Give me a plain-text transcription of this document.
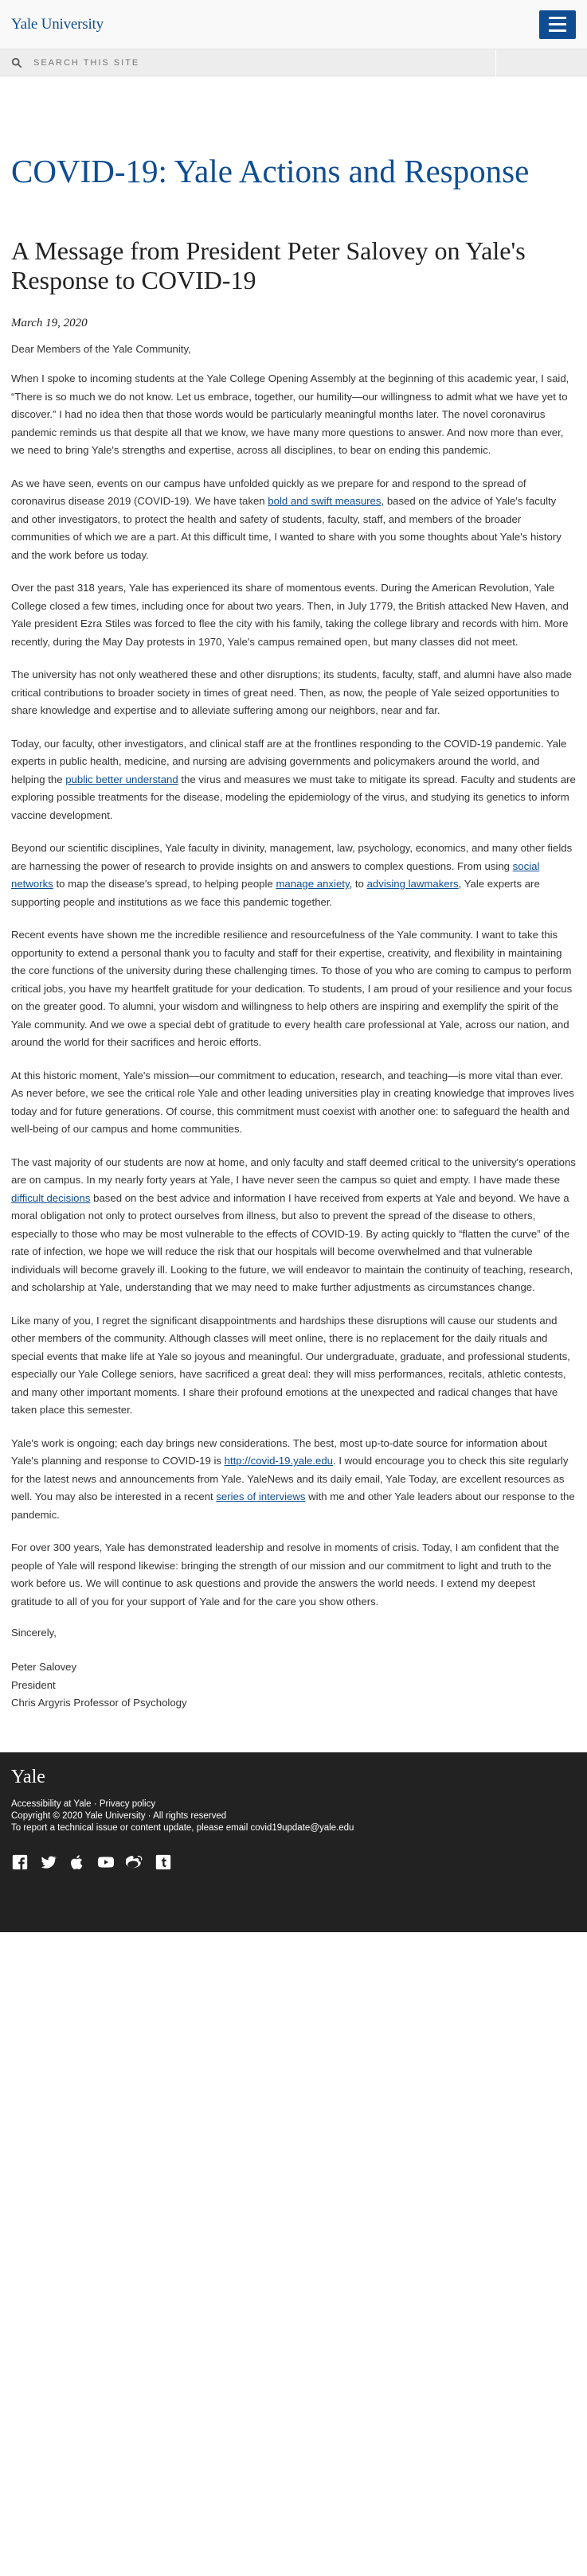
Yale University
SEARCH THIS SITE
COVID-19: Yale Actions and Response
A Message from President Peter Salovey on Yale's Response to COVID-19

March 19, 2020

Dear Members of the Yale Community,

When I spoke to incoming students at the Yale College Opening Assembly at the beginning of this academic year, I said, “There is so much we do not know. Let us embrace, together, our humility—our willingness to admit what we have yet to discover.” I had no idea then that those words would be particularly meaningful months later. The novel coronavirus pandemic reminds us that despite all that we know, we have many more questions to answer. And now more than ever, we need to bring Yale's strengths and expertise, across all disciplines, to bear on ending this pandemic.

As we have seen, events on our campus have unfolded quickly as we prepare for and respond to the spread of coronavirus disease 2019 (COVID-19). We have taken bold and swift measures, based on the advice of Yale's faculty and other investigators, to protect the health and safety of students, faculty, staff, and members of the broader communities of which we are a part. At this difficult time, I wanted to share with you some thoughts about Yale's history and the work before us today.

Over the past 318 years, Yale has experienced its share of momentous events. During the American Revolution, Yale College closed a few times, including once for about two years. Then, in July 1779, the British attacked New Haven, and Yale president Ezra Stiles was forced to flee the city with his family, taking the college library and records with him. More recently, during the May Day protests in 1970, Yale's campus remained open, but many classes did not meet.

The university has not only weathered these and other disruptions; its students, faculty, staff, and alumni have also made critical contributions to broader society in times of great need. Then, as now, the people of Yale seized opportunities to share knowledge and expertise and to alleviate suffering among our neighbors, near and far.

Today, our faculty, other investigators, and clinical staff are at the frontlines responding to the COVID-19 pandemic. Yale experts in public health, medicine, and nursing are advising governments and policymakers around the world, and helping the public better understand the virus and measures we must take to mitigate its spread. Faculty and students are exploring possible treatments for the disease, modeling the epidemiology of the virus, and studying its genetics to inform vaccine development.

Beyond our scientific disciplines, Yale faculty in divinity, management, law, psychology, economics, and many other fields are harnessing the power of research to provide insights on and answers to complex questions. From using social networks to map the disease's spread, to helping people manage anxiety, to advising lawmakers, Yale experts are supporting people and institutions as we face this pandemic together.

Recent events have shown me the incredible resilience and resourcefulness of the Yale community. I want to take this opportunity to extend a personal thank you to faculty and staff for their expertise, creativity, and flexibility in maintaining the core functions of the university during these challenging times. To those of you who are coming to campus to perform critical jobs, you have my heartfelt gratitude for your dedication. To students, I am proud of your resilience and your focus on the greater good. To alumni, your wisdom and willingness to help others are inspiring and exemplify the spirit of the Yale community. And we owe a special debt of gratitude to every health care professional at Yale, across our nation, and around the world for their sacrifices and heroic efforts.

At this historic moment, Yale's mission—our commitment to education, research, and teaching—is more vital than ever. As never before, we see the critical role Yale and other leading universities play in creating knowledge that improves lives today and for future generations. Of course, this commitment must coexist with another one: to safeguard the health and well-being of our campus and home communities.

The vast majority of our students are now at home, and only faculty and staff deemed critical to the university's operations are on campus. In my nearly forty years at Yale, I have never seen the campus so quiet and empty. I have made these difficult decisions based on the best advice and information I have received from experts at Yale and beyond. We have a moral obligation not only to protect ourselves from illness, but also to prevent the spread of the disease to others, especially to those who may be most vulnerable to the effects of COVID-19. By acting quickly to “flatten the curve” of the rate of infection, we hope we will reduce the risk that our hospitals will become overwhelmed and that vulnerable individuals will become gravely ill. Looking to the future, we will endeavor to maintain the continuity of teaching, research, and scholarship at Yale, understanding that we may need to make further adjustments as circumstances change.

Like many of you, I regret the significant disappointments and hardships these disruptions will cause our students and other members of the community. Although classes will meet online, there is no replacement for the daily rituals and special events that make life at Yale so joyous and meaningful. Our undergraduate, graduate, and professional students, especially our Yale College seniors, have sacrificed a great deal: they will miss performances, recitals, athletic contests, and many other important moments. I share their profound emotions at the unexpected and radical changes that have taken place this semester.

Yale's work is ongoing; each day brings new considerations. The best, most up-to-date source for information about Yale's planning and response to COVID-19 is http://covid-19.yale.edu. I would encourage you to check this site regularly for the latest news and announcements from Yale. YaleNews and its daily email, Yale Today, are excellent resources as well. You may also be interested in a recent series of interviews with me and other Yale leaders about our response to the pandemic.

For over 300 years, Yale has demonstrated leadership and resolve in moments of crisis. Today, I am confident that the people of Yale will respond likewise: bringing the strength of our mission and our commitment to light and truth to the work before us. We will continue to ask questions and provide the answers the world needs. I extend my deepest gratitude to all of you for your support of Yale and for the care you show others.

Sincerely,

Peter Salovey
President
Chris Argyris Professor of Psychology
Yale
Accessibility at Yale · Privacy policy
Copyright © 2020 Yale University · All rights reserved
To report a technical issue or content update, please email covid19update@yale.edu
